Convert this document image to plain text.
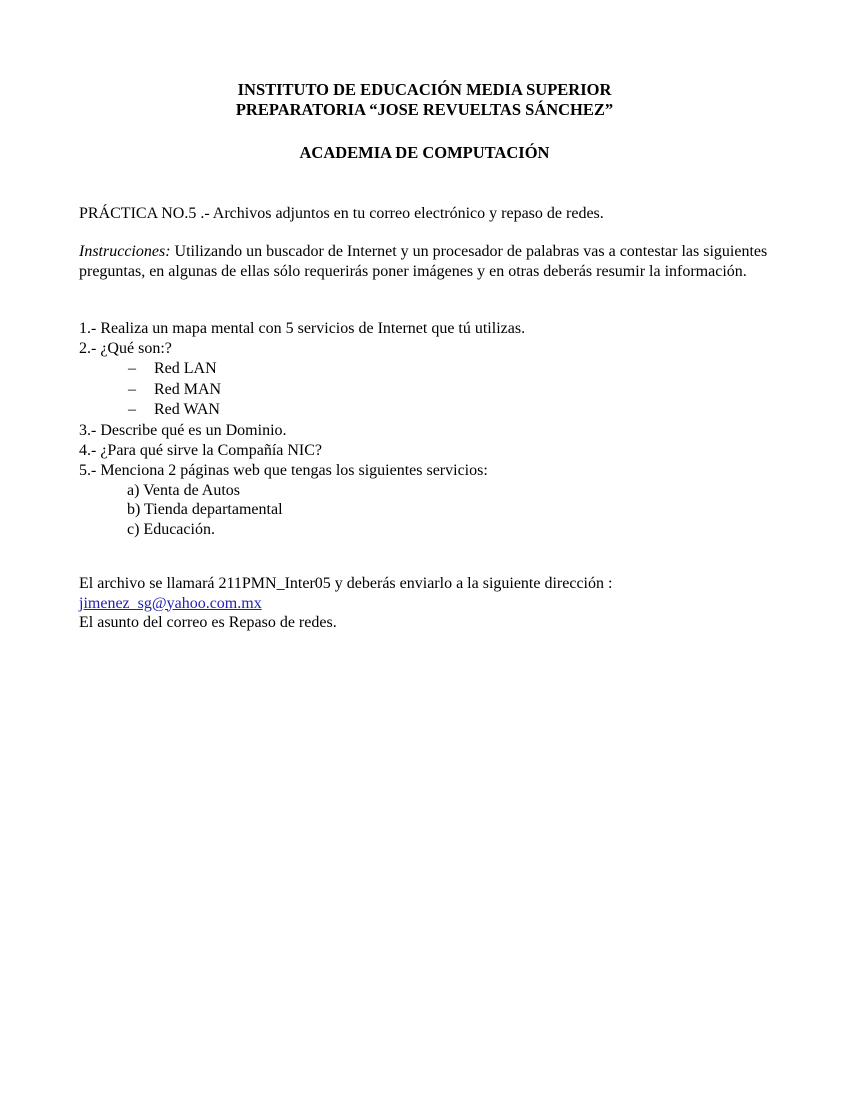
INSTITUTO DE EDUCACIÓN MEDIA SUPERIOR
PREPARATORIA “JOSE REVUELTAS SÁNCHEZ”
ACADEMIA DE COMPUTACIÓN
PRÁCTICA NO.5 .- Archivos adjuntos en tu correo electrónico y repaso de redes.
Instrucciones: Utilizando un buscador de Internet y un procesador de palabras vas a contestar las siguientes preguntas, en algunas de ellas sólo requerirás poner imágenes y en otras deberás resumir la información.
1.- Realiza un mapa mental con 5 servicios de Internet que tú utilizas.
2.- ¿Qué son:?
– Red LAN
– Red MAN
– Red WAN
3.- Describe qué es un Dominio.
4.- ¿Para qué sirve la Compañía NIC?
5.- Menciona 2 páginas web que tengas los siguientes servicios:
a) Venta de Autos
b) Tienda departamental
c) Educación.
El archivo se llamará 211PMN_Inter05 y deberás enviarlo a la siguiente dirección :
jimenez_sg@yahoo.com.mx
El asunto del correo es Repaso de redes.
